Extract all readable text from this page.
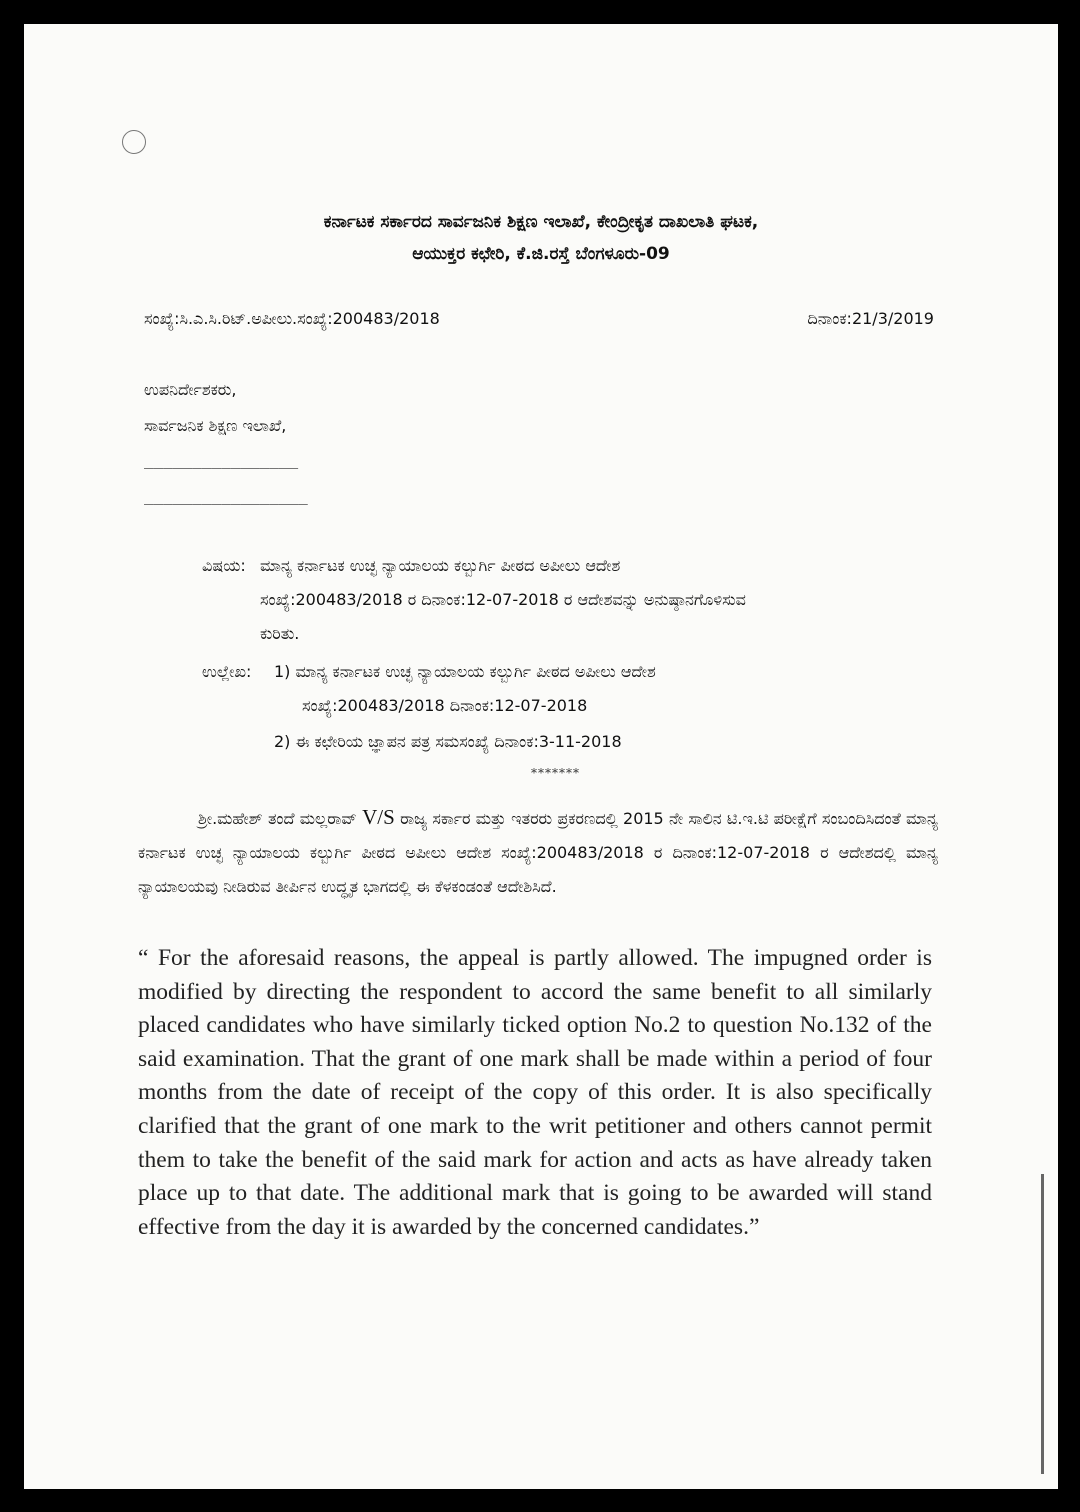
ಕರ್ನಾಟಕ ಸರ್ಕಾರದ ಸಾರ್ವಜನಿಕ ಶಿಕ್ಷಣ ಇಲಾಖೆ, ಕೇಂದ್ರೀಕೃತ ದಾಖಲಾತಿ ಘಟಕ,
ಆಯುಕ್ತರ ಕಛೇರಿ, ಕೆ.ಜಿ.ರಸ್ತೆ ಬೆಂಗಳೂರು-09
ಸಂಖ್ಯೆ:ಸಿ.ಎ.ಸಿ.ರಿಟ್.ಅಪೀಲು.ಸಂಖ್ಯೆ:200483/2018	ದಿನಾಂಕ:21/3/2019
ಉಪನಿರ್ದೇಶಕರು,
ಸಾರ್ವಜನಿಕ ಶಿಕ್ಷಣ ಇಲಾಖೆ,
________________
_________________
ವಿಷಯ: ಮಾನ್ಯ ಕರ್ನಾಟಕ ಉಚ್ಛ ನ್ಯಾಯಾಲಯ ಕಲ್ಬುರ್ಗಿ ಪೀಠದ ಅಪೀಲು ಆದೇಶ
ಸಂಖ್ಯೆ:200483/2018 ರ ದಿನಾಂಕ:12-07-2018 ರ ಆದೇಶವನ್ನು ಅನುಷ್ಠಾನಗೊಳಿಸುವ
ಕುರಿತು.
ಉಲ್ಲೇಖ: 1) ಮಾನ್ಯ ಕರ್ನಾಟಕ ಉಚ್ಛ ನ್ಯಾಯಾಲಯ ಕಲ್ಬುರ್ಗಿ ಪೀಠದ ಅಪೀಲು ಆದೇಶ
ಸಂಖ್ಯೆ:200483/2018 ದಿನಾಂಕ:12-07-2018
2) ಈ ಕಛೇರಿಯ ಜ್ಞಾಪನ ಪತ್ರ ಸಮಸಂಖ್ಯೆ ದಿನಾಂಕ:3-11-2018
*******
ಶ್ರೀ.ಮಹೇಶ್ ತಂದೆ ಮಲ್ಲರಾವ್ V/S ರಾಜ್ಯ ಸರ್ಕಾರ ಮತ್ತು ಇತರರು ಪ್ರಕರಣದಲ್ಲಿ 2015 ನೇ ಸಾಲಿನ ಟಿ.ಇ.ಟಿ ಪರೀಕ್ಷೆಗೆ ಸಂಬಂದಿಸಿದಂತೆ ಮಾನ್ಯ ಕರ್ನಾಟಕ ಉಚ್ಛ ನ್ಯಾಯಾಲಯ ಕಲ್ಬುರ್ಗಿ ಪೀಠದ ಅಪೀಲು ಆದೇಶ ಸಂಖ್ಯೆ:200483/2018 ರ ದಿನಾಂಕ:12-07-2018 ರ ಆದೇಶದಲ್ಲಿ ಮಾನ್ಯ ನ್ಯಾಯಾಲಯವು ನೀಡಿರುವ ತೀರ್ಪಿನ ಉದ್ಧೃತ ಭಾಗದಲ್ಲಿ ಈ ಕೆಳಕಂಡಂತೆ ಆದೇಶಿಸಿದೆ.
“ For the aforesaid reasons, the appeal is partly allowed. The impugned order is modified by directing the respondent to accord the same benefit to all similarly placed candidates who have similarly ticked option No.2 to question No.132 of the said examination. That the grant of one mark shall be made within a period of four months from the date of receipt of the copy of this order. It is also specifically clarified that the grant of one mark to the writ petitioner and others cannot permit them to take the benefit of the said mark for action and acts as have already taken place up to that date. The additional mark that is going to be awarded will stand effective from the day it is awarded by the concerned candidates.”
